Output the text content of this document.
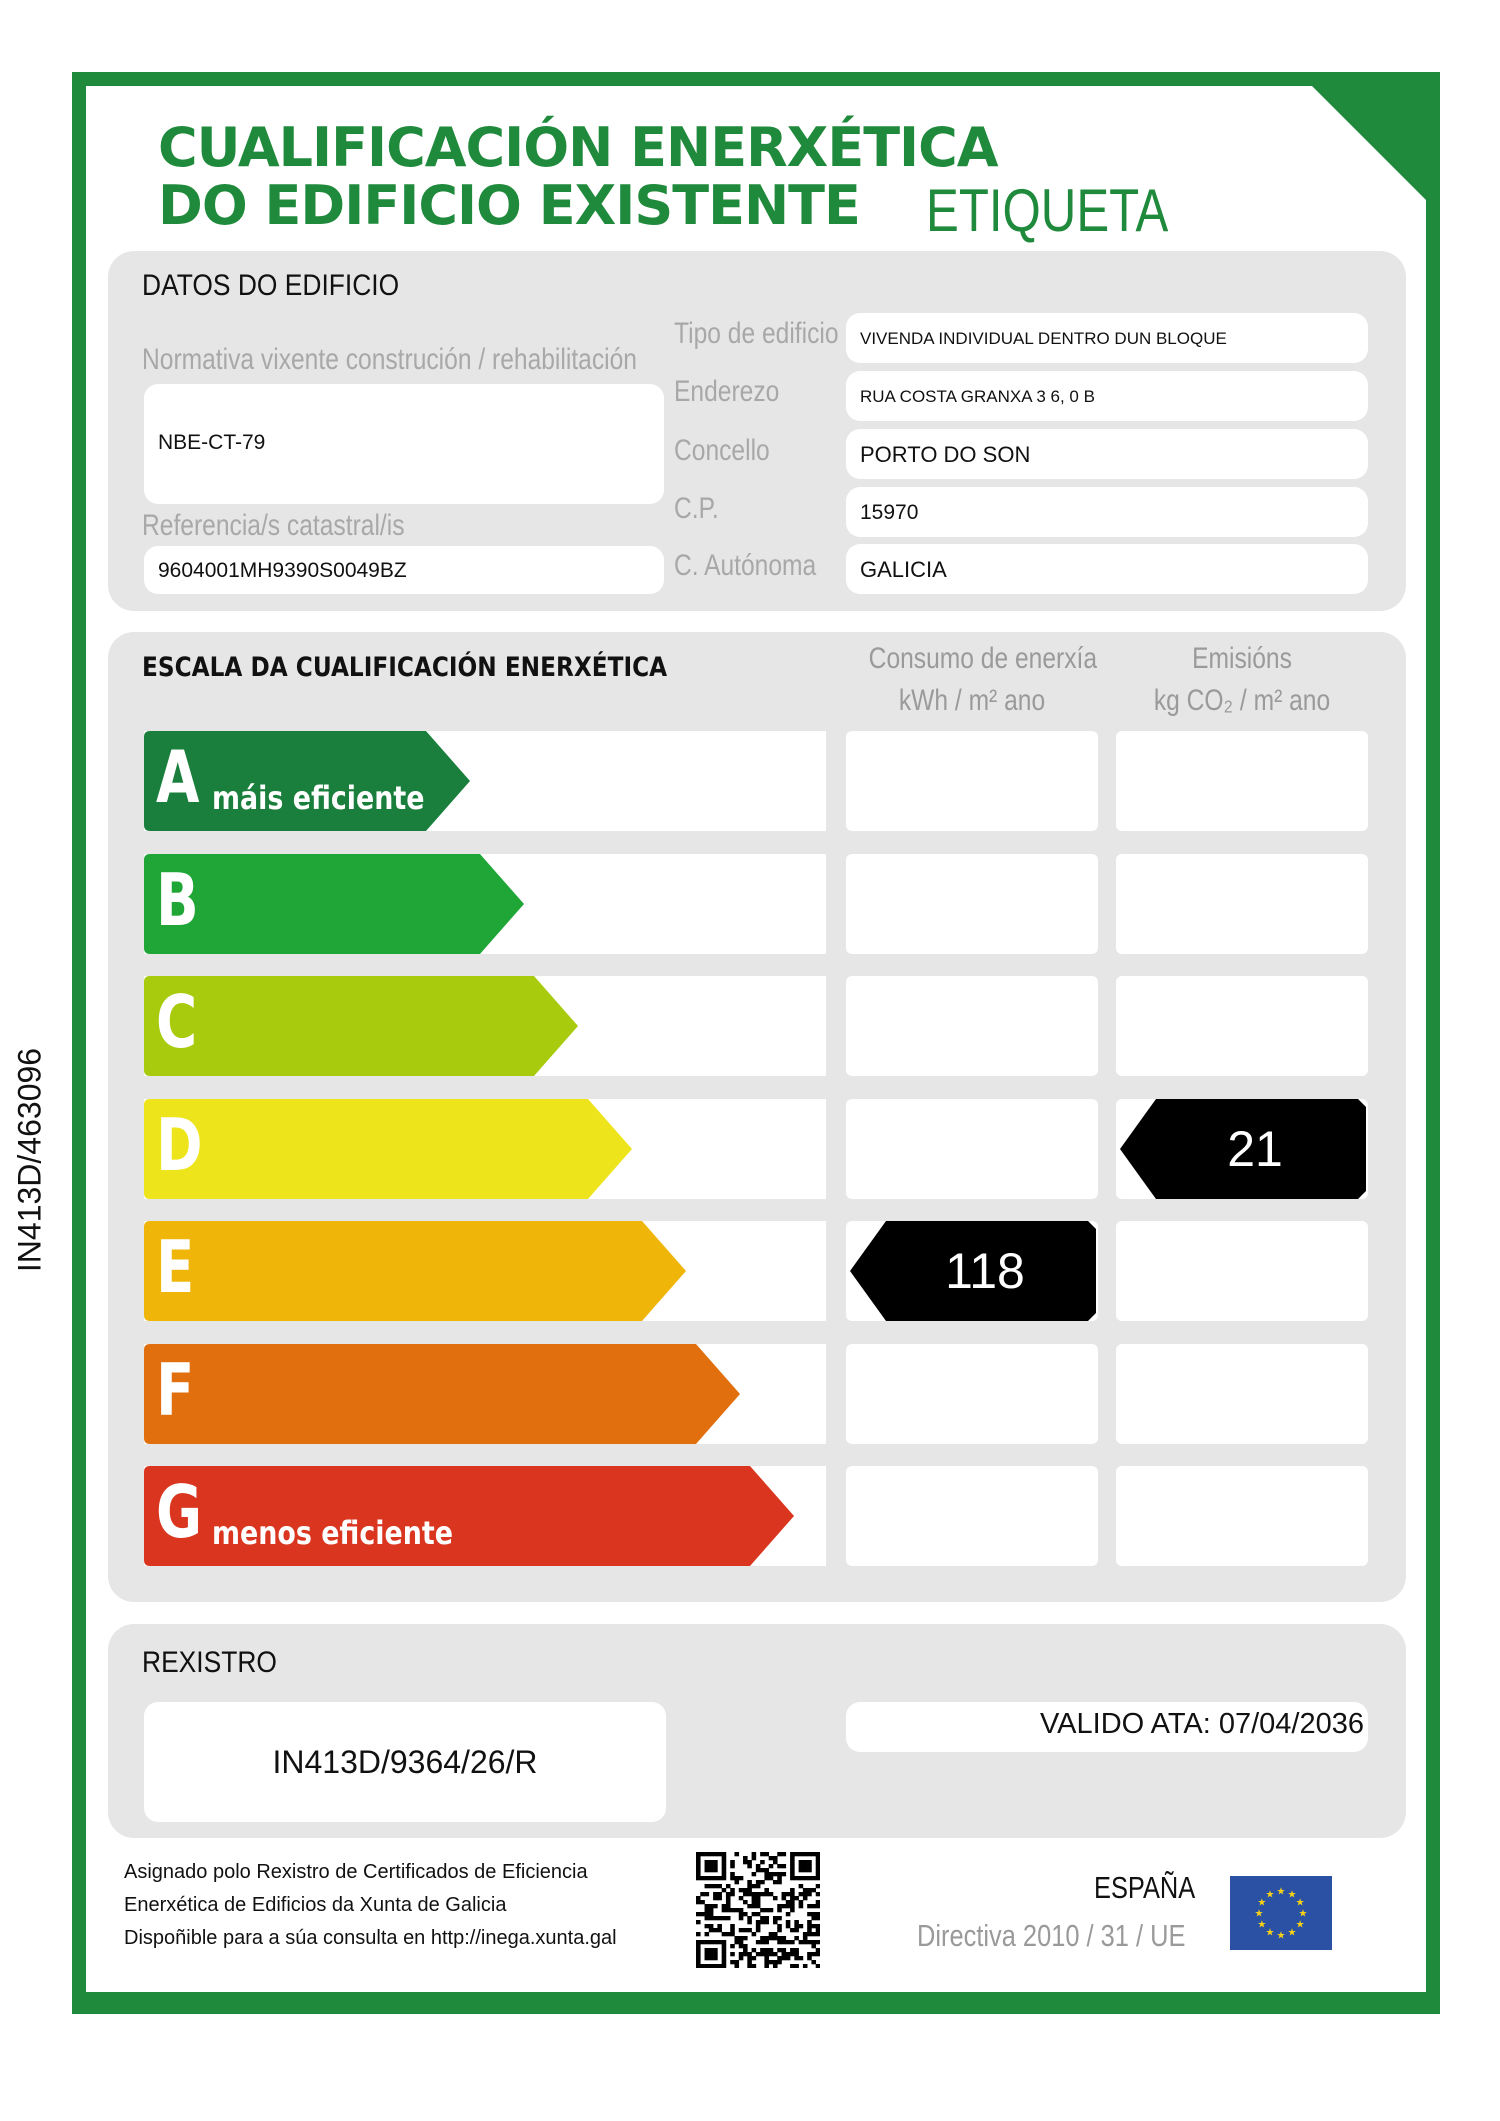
IN413D/463096
CUALIFICACIÓN ENERXÉTICA
DO EDIFICIO EXISTENTE ETIQUETA
DATOS DO EDIFICIO
Normativa vixente construción / rehabilitación
NBE-CT-79
Referencia/s catastral/is
9604001MH9390S0049BZ
Tipo de edificio
Enderezo
Concello
C.P.
C. Autónoma
VIVENDA INDIVIDUAL DENTRO DUN BLOQUE
RUA COSTA GRANXA 3 6, 0 B
PORTO DO SON
15970
GALICIA
ESCALA DA CUALIFICACIÓN ENERXÉTICA	Consumo de enerxía
kWh / m² ano
Emisións
kg CO₂ / m² ano
A máis eficiente
B
C
D
E
F
G menos eficiente
118
21
REXISTRO
IN413D/9364/26/R
VALIDO ATA: 07/04/2036
Asignado polo Rexistro de Certificados de Eficiencia
Enerxética de Edificios da Xunta de Galicia
Dispoñible para a súa consulta en http://inega.xunta.gal
ESPAÑA
Directiva 2010 / 31 / UE
★ ★
★
★
★
★
★
★
★
★
★
★
